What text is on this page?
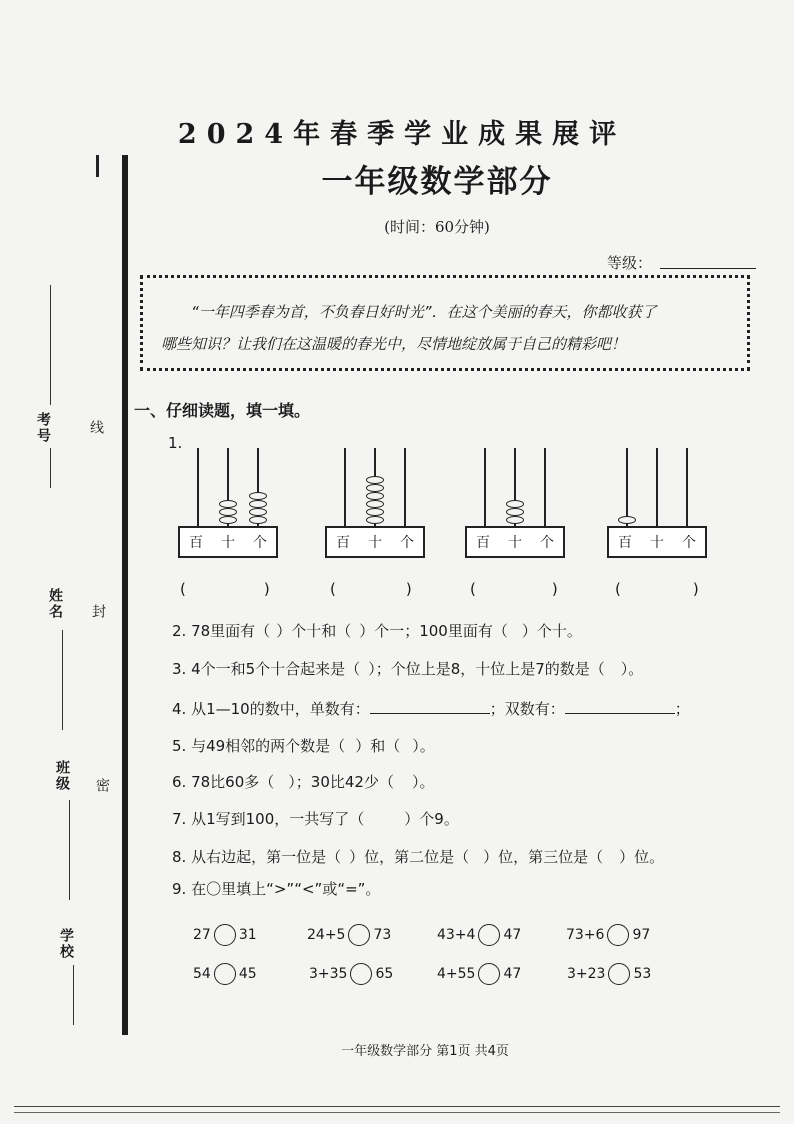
考号
姓名
班级
学校
线
封
密
2024年春季学业成果展评
一年级数学部分
(时间：60分钟)
等级：

“一年四季春为首，不负春日好时光”．在这个美丽的春天，你都收获了

哪些知识？让我们在这温暖的春光中，尽情地绽放属于自己的精彩吧！

一、仔细读题，填一填。
1.
百 十 个	百 十 个	百 十 个	百 十 个
(	)	(	)	(	)	(	)
2. 78里面有（ ）个十和（ ）个一；100里面有（ ）个十。
3. 4个一和5个十合起来是（ ）；个位上是8，十位上是7的数是（ ）。
4. 从1—10的数中，单数有：	；双数有：	；
5. 与49相邻的两个数是（ ）和（ ）。
6. 78比60多（ ）；30比42少（ ）。
7. 从1写到100，一共写了（	）个9。
8. 从右边起，第一位是（ ）位，第二位是（ ）位，第三位是（ ）位。
9. 在〇里填上“>”“<”或“=”。
27 31	24+5 73	43+4 47	73+6 97
54 45	3+35 65	4+55 47	3+23 53
一年级数学部分 第1页 共4页
